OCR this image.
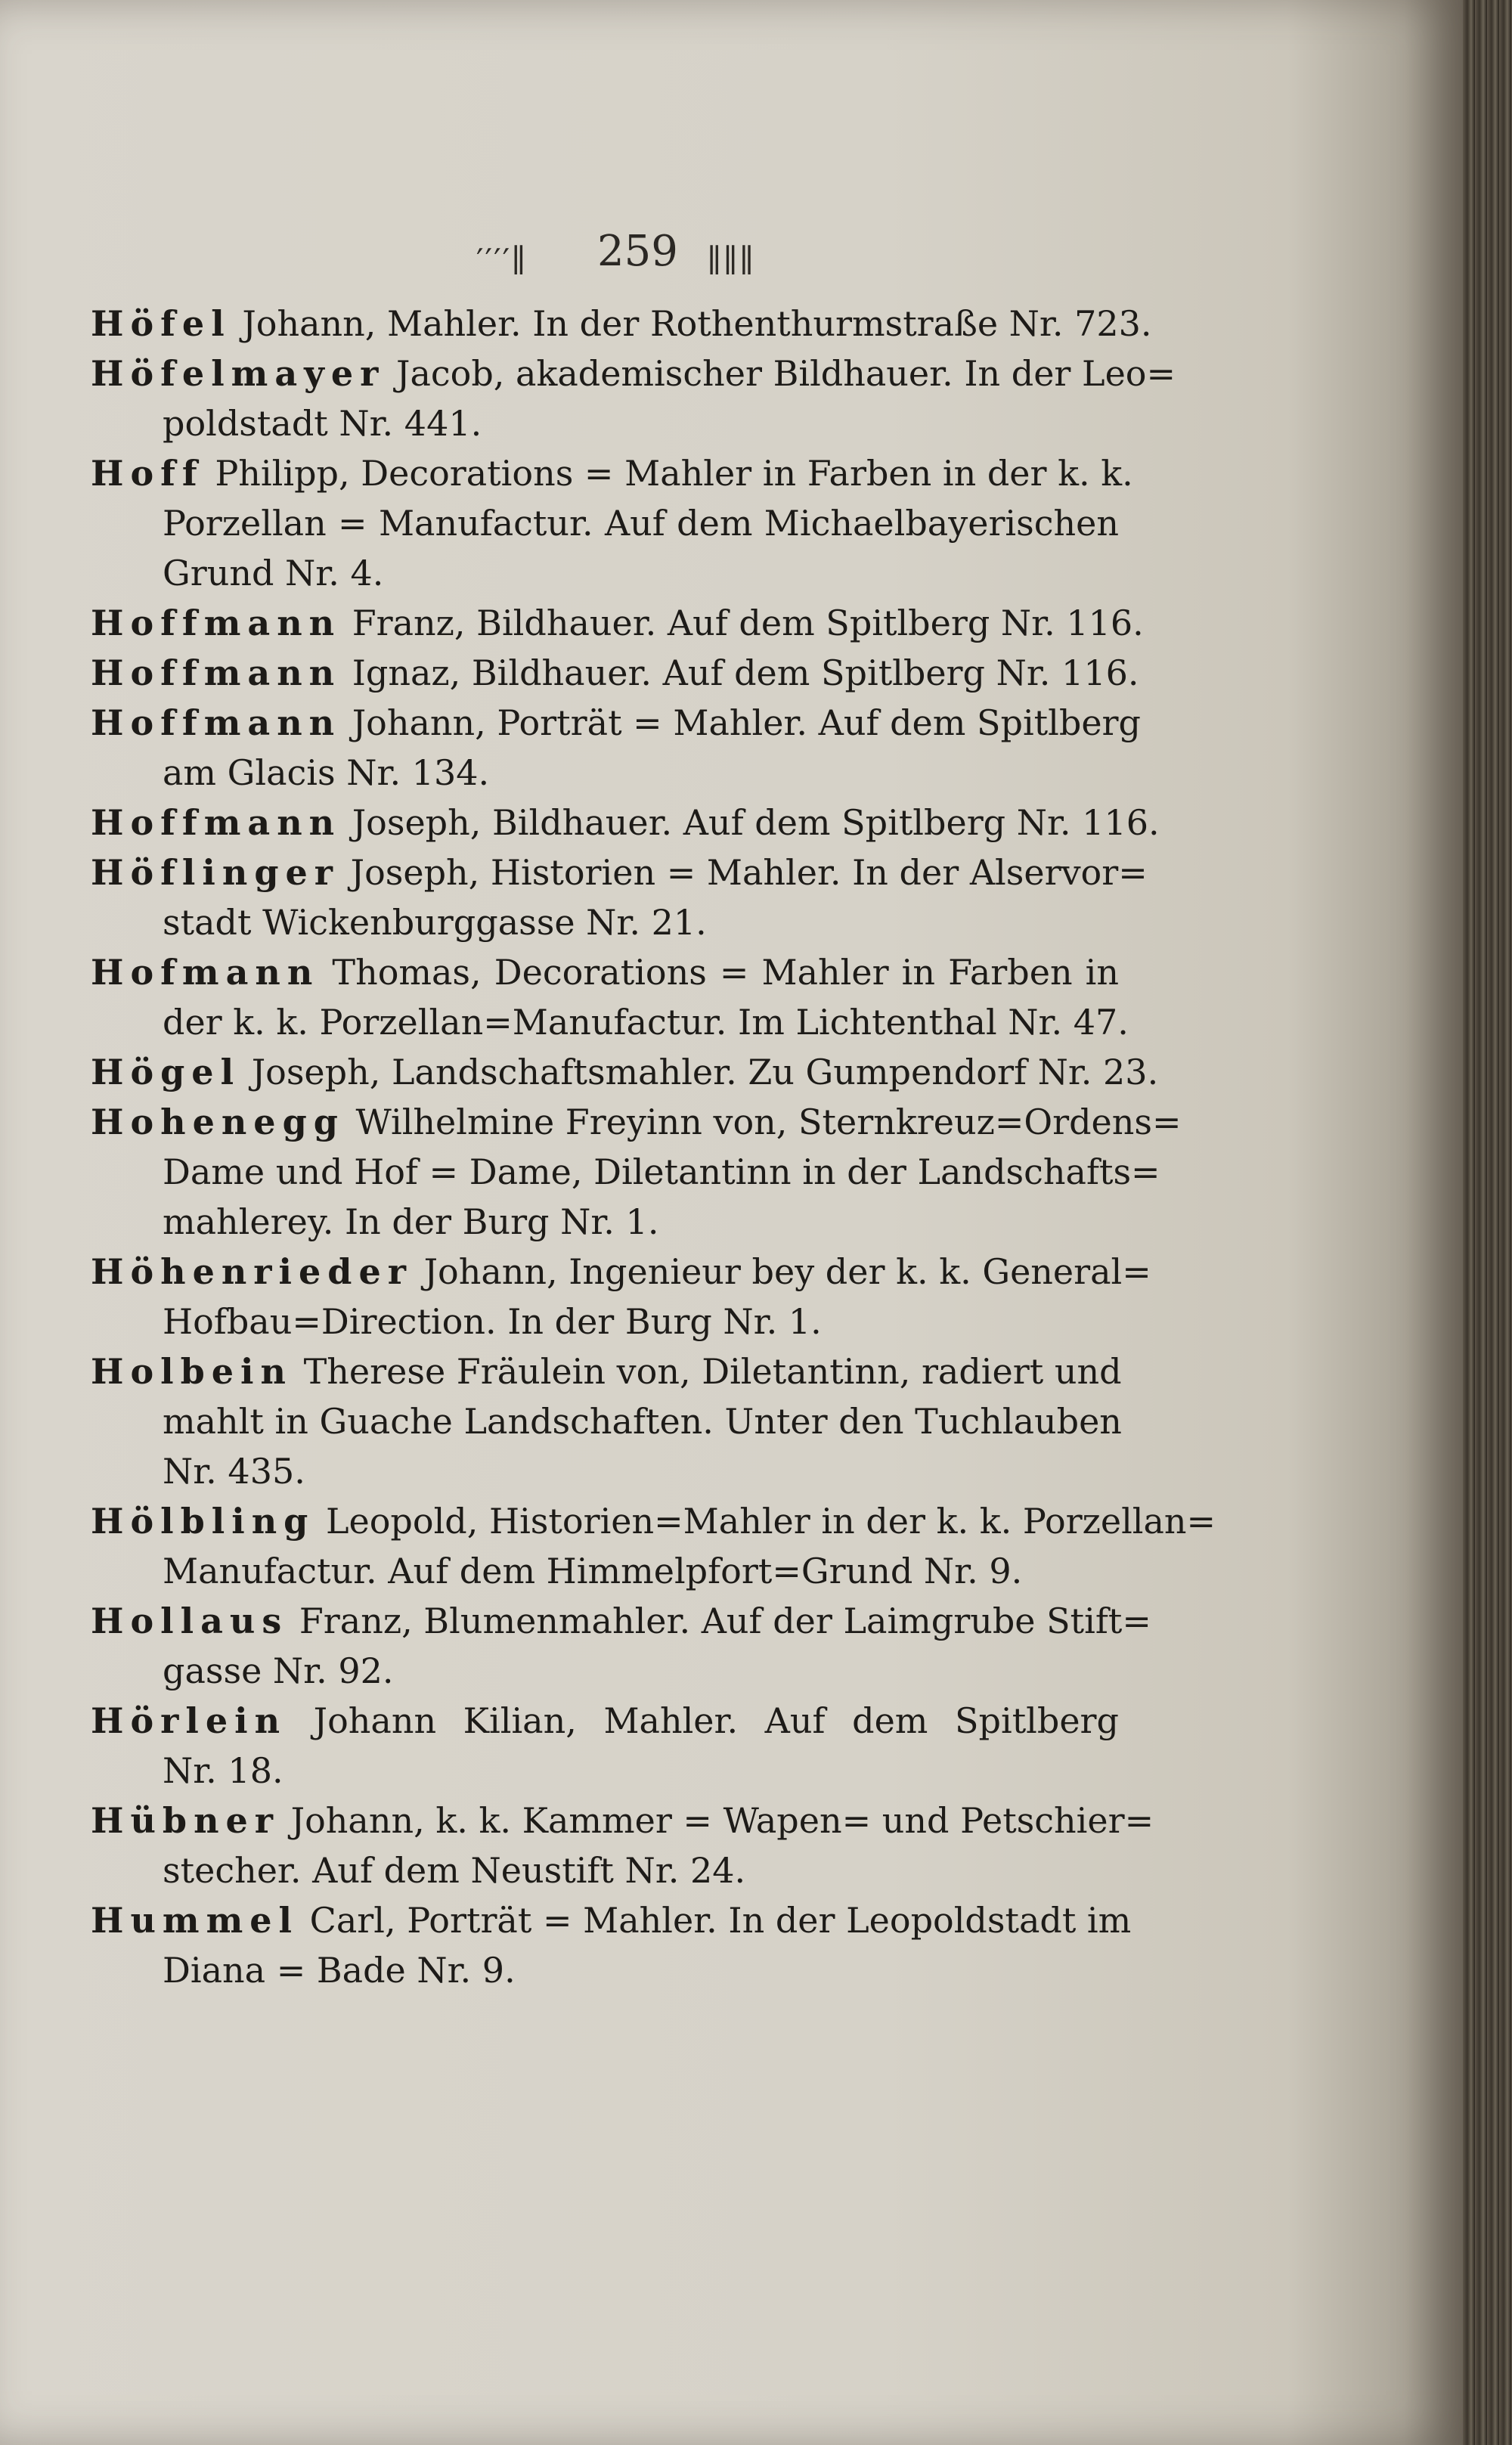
′′′′∥ 259 ∥∥∥
Höfel Johann, Mahler. In der Rothenthurmstraße Nr. 723.
Höfelmayer Jacob, akademischer Bildhauer. In der Leo=
poldstadt Nr. 441.
Hoff Philipp, Decorations = Mahler in Farben in der k. k.
Porzellan = Manufactur. Auf dem Michaelbayerischen
Grund Nr. 4.
Hoffmann Franz, Bildhauer. Auf dem Spitlberg Nr. 116.
Hoffmann Ignaz, Bildhauer. Auf dem Spitlberg Nr. 116.
Hoffmann Johann, Porträt = Mahler. Auf dem Spitlberg
am Glacis Nr. 134.
Hoffmann Joseph, Bildhauer. Auf dem Spitlberg Nr. 116.
Höflinger Joseph, Historien = Mahler. In der Alservor=
stadt Wickenburggasse Nr. 21.
Hofmann Thomas, Decorations = Mahler in Farben in
der k. k. Porzellan=Manufactur. Im Lichtenthal Nr. 47.
Högel Joseph, Landschaftsmahler. Zu Gumpendorf Nr. 23.
Hohenegg Wilhelmine Freyinn von, Sternkreuz=Ordens=
Dame und Hof = Dame, Diletantinn in der Landschafts=
mahlerey. In der Burg Nr. 1.
Höhenrieder Johann, Ingenieur bey der k. k. General=
Hofbau=Direction. In der Burg Nr. 1.
Holbein Therese Fräulein von, Diletantinn, radiert und
mahlt in Guache Landschaften. Unter den Tuchlauben
Nr. 435.
Hölbling Leopold, Historien=Mahler in der k. k. Porzellan=
Manufactur. Auf dem Himmelpfort=Grund Nr. 9.
Hollaus Franz, Blumenmahler. Auf der Laimgrube Stift=
gasse Nr. 92.
Hörlein Johann Kilian, Mahler. Auf dem Spitlberg
Nr. 18.
Hübner Johann, k. k. Kammer = Wapen= und Petschier=
stecher. Auf dem Neustift Nr. 24.
Hummel Carl, Porträt = Mahler. In der Leopoldstadt im
Diana = Bade Nr. 9.
